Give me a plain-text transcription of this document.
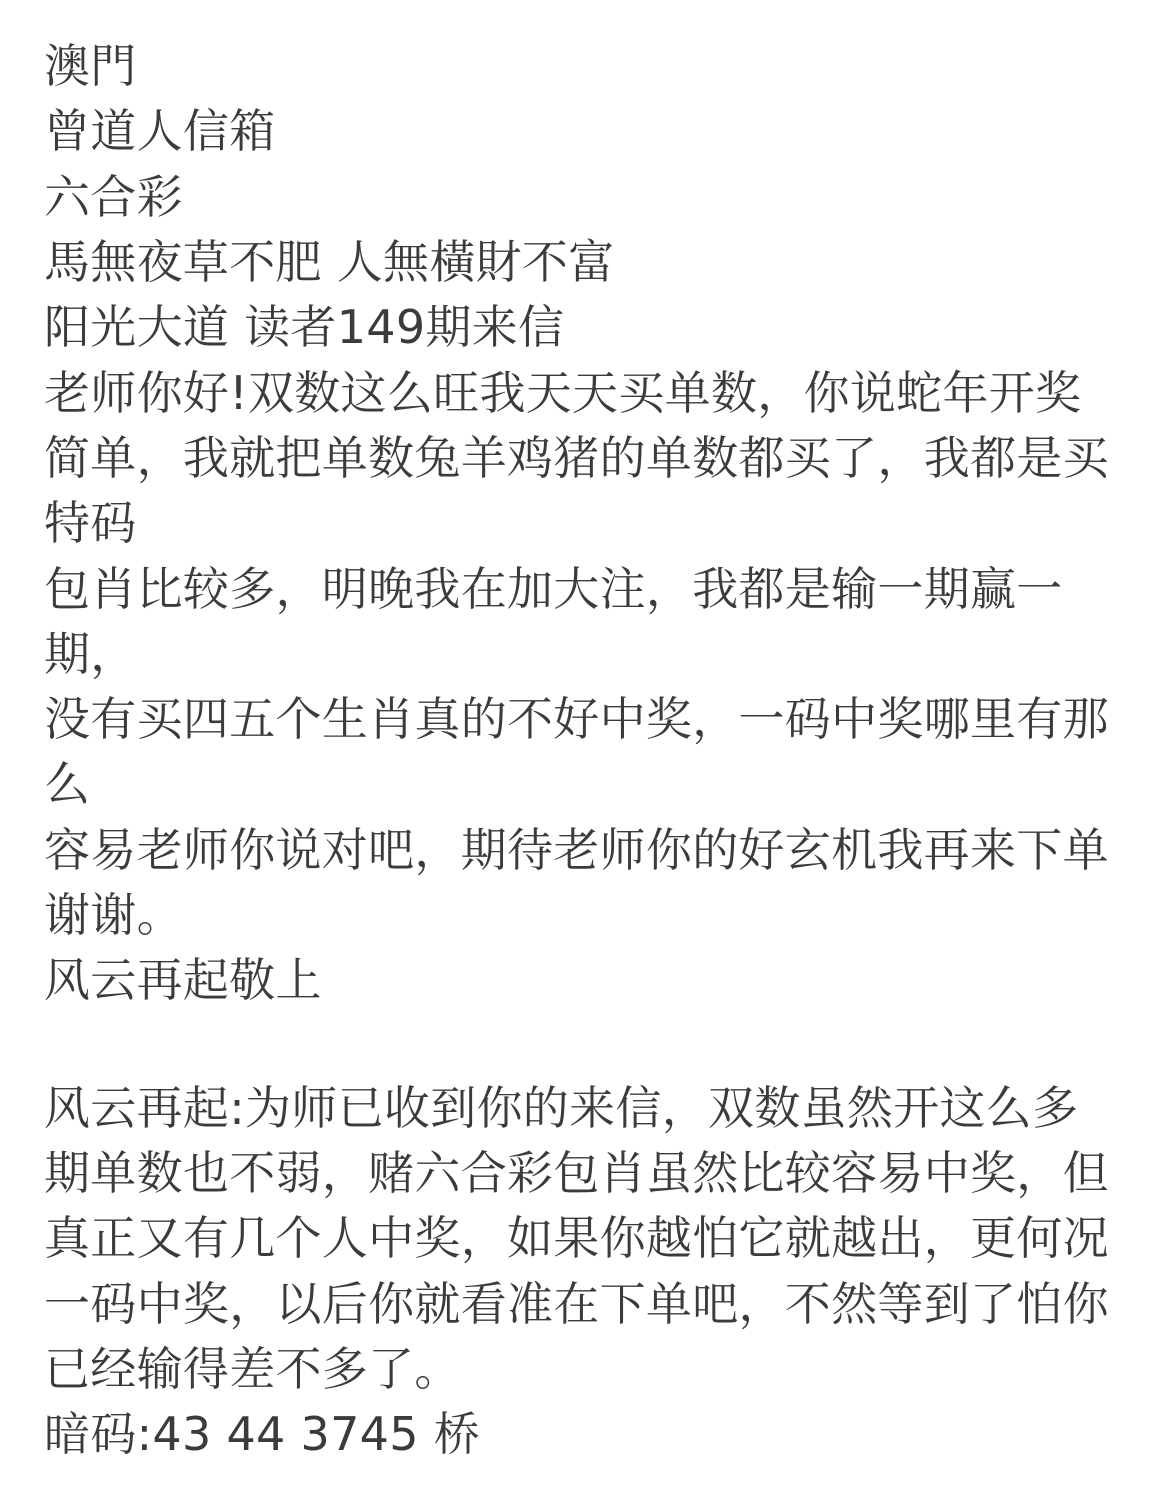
澳門
曾道人信箱
六合彩
馬無夜草不肥 人無橫財不富
阳光大道 读者149期来信
老师你好!双数这么旺我天天买单数，你说蛇年开奖简单，我就把单数兔羊鸡猪的单数都买了，我都是买特码
包肖比较多，明晚我在加大注，我都是输一期赢一期，
没有买四五个生肖真的不好中奖，一码中奖哪里有那么
容易老师你说对吧，期待老师你的好玄机我再来下单谢谢。
风云再起敬上
风云再起:为师已收到你的来信，双数虽然开这么多期单数也不弱，赌六合彩包肖虽然比较容易中奖，但真正又有几个人中奖，如果你越怕它就越出，更何况一码中奖，以后你就看准在下单吧，不然等到了怕你已经输得差不多了。
暗码:43 44 3745 桥
